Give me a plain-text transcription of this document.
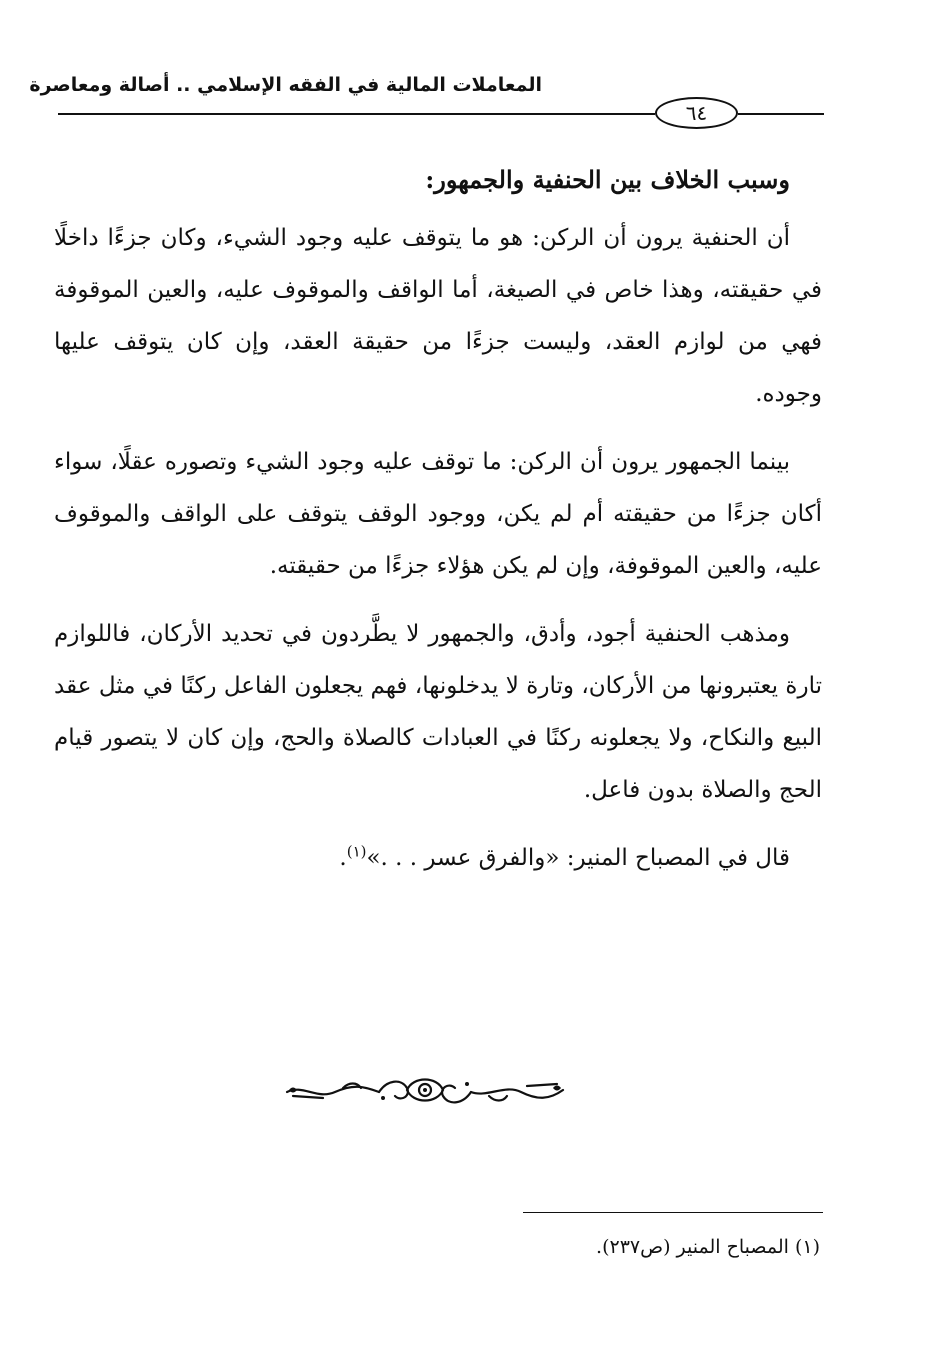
المعاملات المالية في الفقه الإسلامي .. أصالة ومعاصرة
٦٤

وسبب الخلاف بين الحنفية والجمهور:

أن الحنفية يرون أن الركن: هو ما يتوقف عليه وجود الشيء، وكان جزءًا داخلًا في حقيقته، وهذا خاص في الصيغة، أما الواقف والموقوف عليه، والعين الموقوفة فهي من لوازم العقد، وليست جزءًا من حقيقة العقد، وإن كان يتوقف عليها وجوده.

بينما الجمهور يرون أن الركن: ما توقف عليه وجود الشيء وتصوره عقلًا، سواء أكان جزءًا من حقيقته أم لم يكن، ووجود الوقف يتوقف على الواقف والموقوف عليه، والعين الموقوفة، وإن لم يكن هؤلاء جزءًا من حقيقته.

ومذهب الحنفية أجود، وأدق، والجمهور لا يطَّردون في تحديد الأركان، فاللوازم تارة يعتبرونها من الأركان، وتارة لا يدخلونها، فهم يجعلون الفاعل ركنًا في مثل عقد البيع والنكاح، ولا يجعلونه ركنًا في العبادات كالصلاة والحج، وإن كان لا يتصور قيام الحج والصلاة بدون فاعل.

قال في المصباح المنير: «والفرق عسر . . .»$^{(١)}$.

(١) المصباح المنير (ص٢٣٧).
